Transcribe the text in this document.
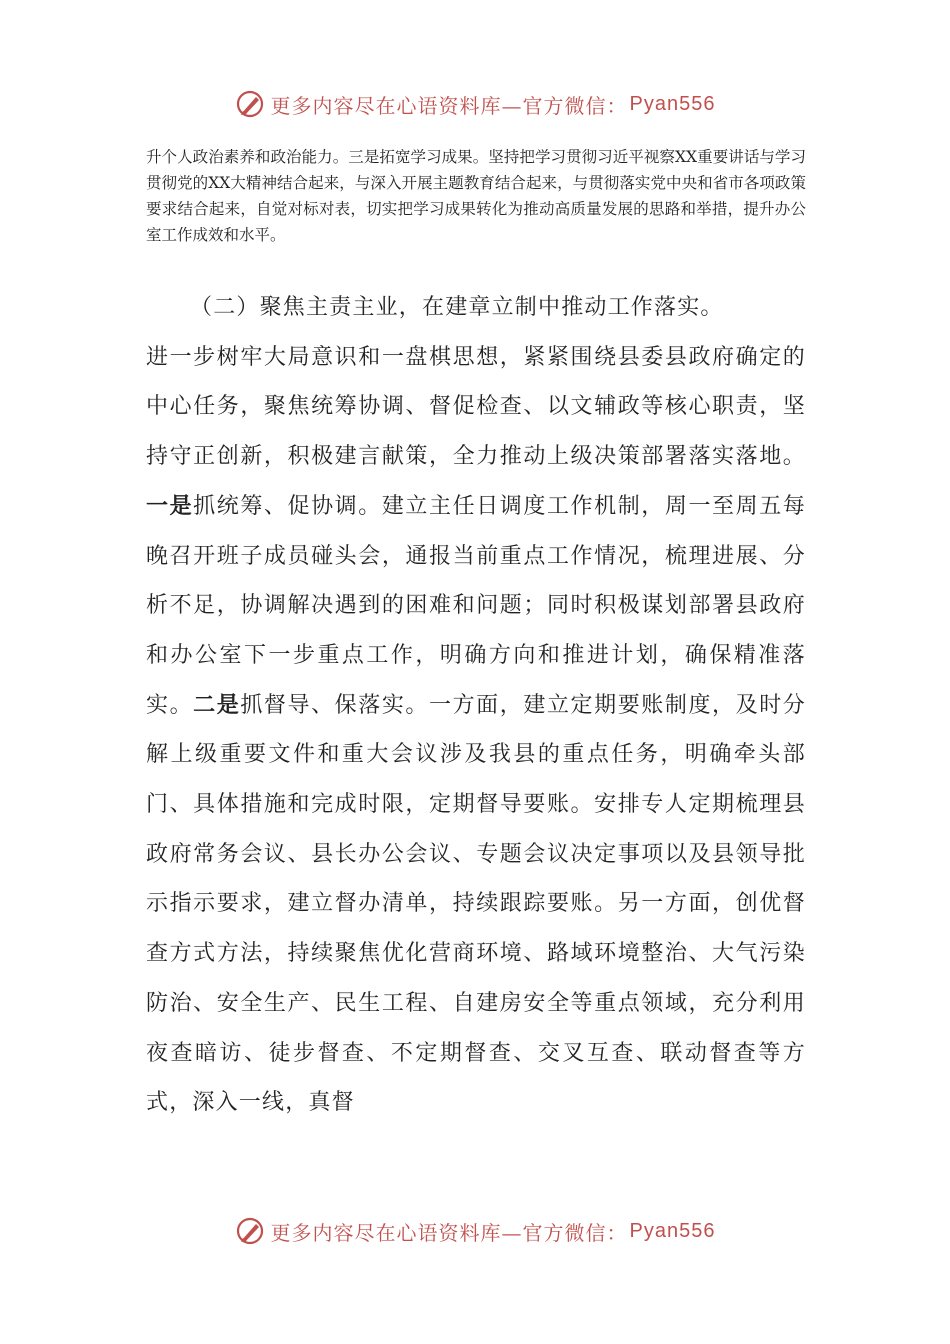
更多内容尽在心语资料库—官方微信： Pyan556

升个人政治素养和政治能力。三是拓宽学习成果。坚持把学习贯彻习近平视察XX重要讲话与学习贯彻党的XX大精神结合起来，与深入开展主题教育结合起来，与贯彻落实党中央和省市各项政策要求结合起来，自觉对标对表，切实把学习成果转化为推动高质量发展的思路和举措，提升办公室工作成效和水平。

（二）聚焦主责主业，在建章立制中推动工作落实。

进一步树牢大局意识和一盘棋思想，紧紧围绕县委县政府确定的中心任务，聚焦统筹协调、督促检查、以文辅政等核心职责，坚持守正创新，积极建言献策，全力推动上级决策部署落实落地。一是抓统筹、促协调。建立主任日调度工作机制，周一至周五每晚召开班子成员碰头会，通报当前重点工作情况，梳理进展、分析不足，协调解决遇到的困难和问题；同时积极谋划部署县政府和办公室下一步重点工作，明确方向和推进计划，确保精准落实。二是抓督导、保落实。一方面，建立定期要账制度，及时分解上级重要文件和重大会议涉及我县的重点任务，明确牵头部门、具体措施和完成时限，定期督导要账。安排专人定期梳理县政府常务会议、县长办公会议、专题会议决定事项以及县领导批示指示要求，建立督办清单，持续跟踪要账。另一方面，创优督查方式方法，持续聚焦优化营商环境、路域环境整治、大气污染防治、安全生产、民生工程、自建房安全等重点领域，充分利用夜查暗访、徒步督查、不定期督查、交叉互查、联动督查等方式，深入一线，真督

更多内容尽在心语资料库—官方微信： Pyan556
